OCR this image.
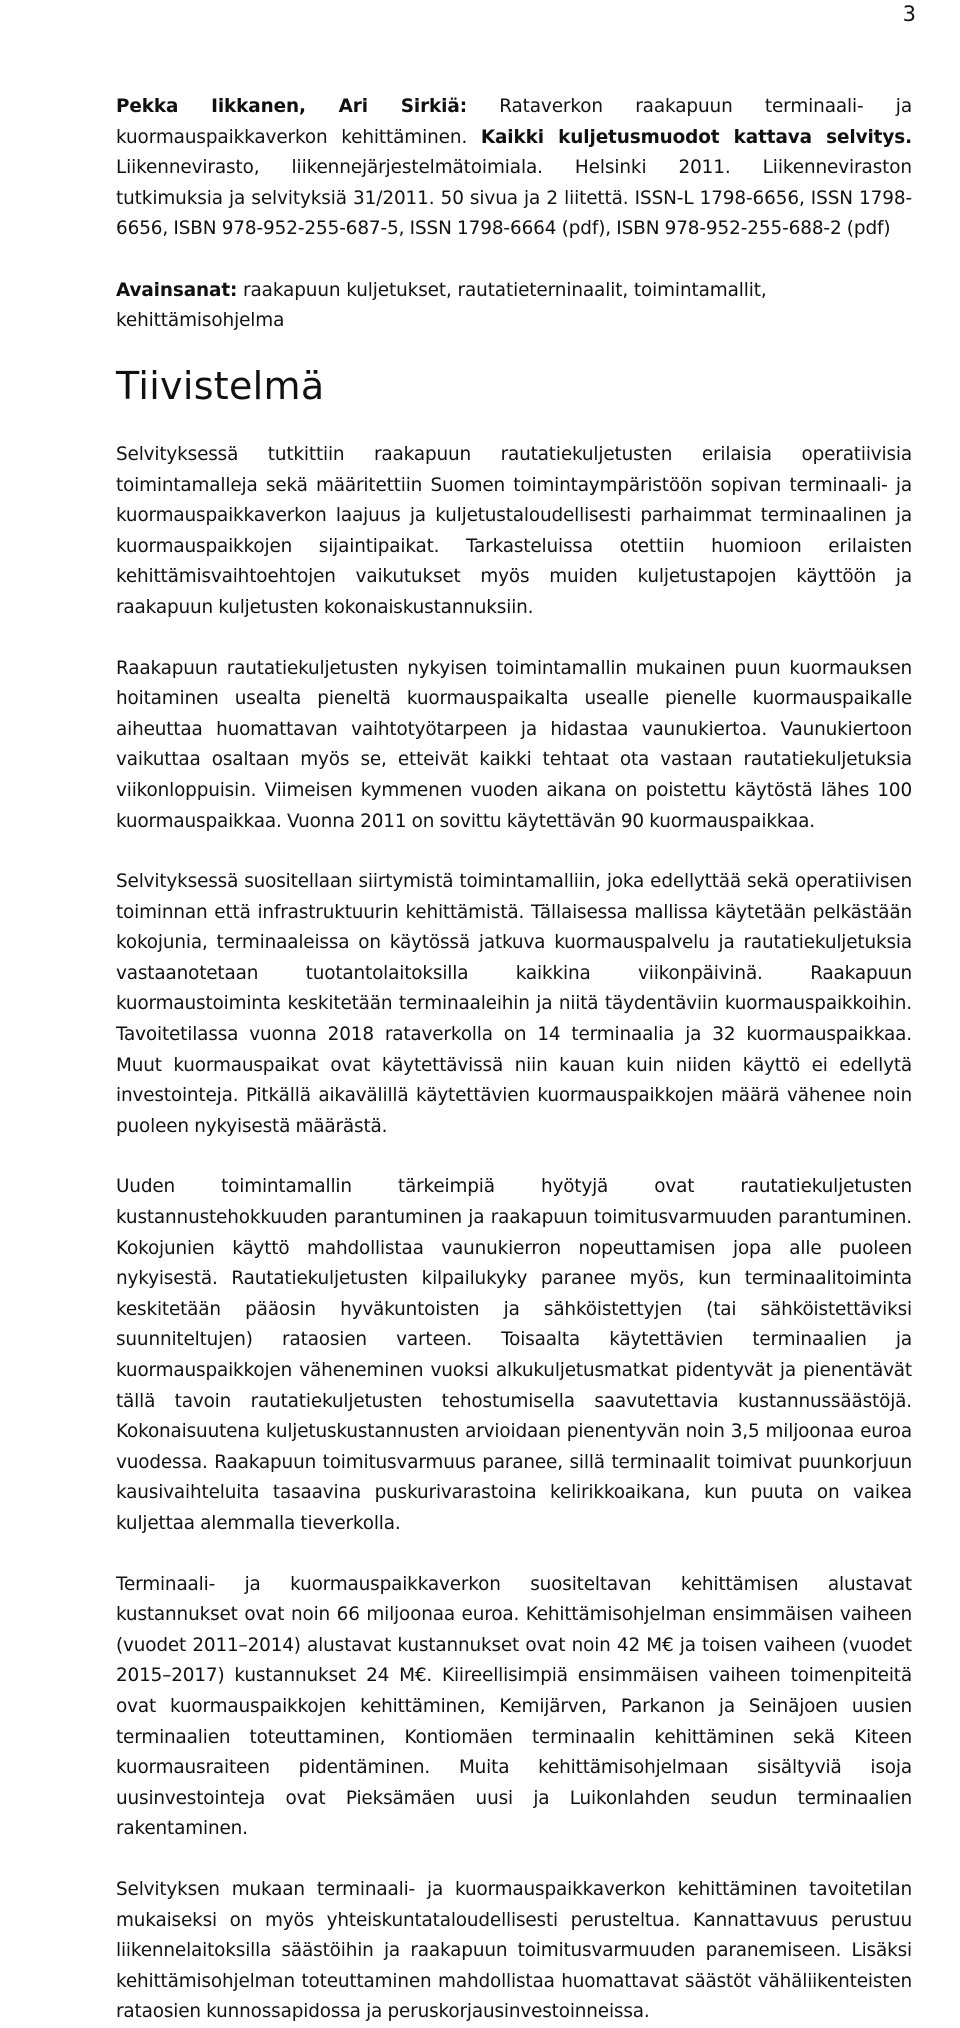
3

Pekka Iikkanen, Ari Sirkiä: Rataverkon raakapuun terminaali- ja kuormauspaikkaverkon kehittäminen. Kaikki kuljetusmuodot kattava selvitys. Liikennevirasto, liikennejärjestelmätoimiala. Helsinki 2011. Liikenneviraston tutkimuksia ja selvityksiä 31/2011. 50 sivua ja 2 liitettä. ISSN-L 1798-6656, ISSN 1798-6656, ISBN 978-952-255-687-5, ISSN 1798-6664 (pdf), ISBN 978-952-255-688-2 (pdf)

Avainsanat: raakapuun kuljetukset, rautatieterninaalit, toimintamallit, kehittämisohjelma

Tiivistelmä

Selvityksessä tutkittiin raakapuun rautatiekuljetusten erilaisia operatiivisia toimintamalleja sekä määritettiin Suomen toimintaympäristöön sopivan terminaali- ja kuormauspaikkaverkon laajuus ja kuljetustaloudellisesti parhaimmat terminaalinen ja kuormauspaikkojen sijaintipaikat. Tarkasteluissa otettiin huomioon erilaisten kehittämisvaihtoehtojen vaikutukset myös muiden kuljetustapojen käyttöön ja raakapuun kuljetusten kokonaiskustannuksiin.

Raakapuun rautatiekuljetusten nykyisen toimintamallin mukainen puun kuormauksen hoitaminen usealta pieneltä kuormauspaikalta usealle pienelle kuormauspaikalle aiheuttaa huomattavan vaihtotyötarpeen ja hidastaa vaunukiertoa. Vaunukiertoon vaikuttaa osaltaan myös se, etteivät kaikki tehtaat ota vastaan rautatiekuljetuksia viikonloppuisin. Viimeisen kymmenen vuoden aikana on poistettu käytöstä lähes 100 kuormauspaikkaa. Vuonna 2011 on sovittu käytettävän 90 kuormauspaikkaa.

Selvityksessä suositellaan siirtymistä toimintamalliin, joka edellyttää sekä operatiivisen toiminnan että infrastruktuurin kehittämistä. Tällaisessa mallissa käytetään pelkästään kokojunia, terminaaleissa on käytössä jatkuva kuormauspalvelu ja rautatiekuljetuksia vastaanotetaan tuotantolaitoksilla kaikkina viikonpäivinä. Raakapuun kuormaustoiminta keskitetään terminaaleihin ja niitä täydentäviin kuormauspaikkoihin. Tavoitetilassa vuonna 2018 rataverkolla on 14 terminaalia ja 32 kuormauspaikkaa. Muut kuormauspaikat ovat käytettävissä niin kauan kuin niiden käyttö ei edellytä investointeja. Pitkällä aikavälillä käytettävien kuormauspaikkojen määrä vähenee noin puoleen nykyisestä määrästä.

Uuden toimintamallin tärkeimpiä hyötyjä ovat rautatiekuljetusten kustannustehokkuuden parantuminen ja raakapuun toimitusvarmuuden parantuminen. Kokojunien käyttö mahdollistaa vaunukierron nopeuttamisen jopa alle puoleen nykyisestä. Rautatiekuljetusten kilpailukyky paranee myös, kun terminaalitoiminta keskitetään pääosin hyväkuntoisten ja sähköistettyjen (tai sähköistettäviksi suunniteltujen) rataosien varteen. Toisaalta käytettävien terminaalien ja kuormauspaikkojen väheneminen vuoksi alkukuljetusmatkat pidentyvät ja pienentävät tällä tavoin rautatiekuljetusten tehostumisella saavutettavia kustannussäästöjä. Kokonaisuutena kuljetuskustannusten arvioidaan pienentyvän noin 3,5 miljoonaa euroa vuodessa. Raakapuun toimitusvarmuus paranee, sillä terminaalit toimivat puunkorjuun kausivaihteluita tasaavina puskurivarastoina kelirikkoaikana, kun puuta on vaikea kuljettaa alemmalla tieverkolla.

Terminaali- ja kuormauspaikkaverkon suositeltavan kehittämisen alustavat kustannukset ovat noin 66 miljoonaa euroa. Kehittämisohjelman ensimmäisen vaiheen (vuodet 2011–2014) alustavat kustannukset ovat noin 42 M€ ja toisen vaiheen (vuodet 2015–2017) kustannukset 24 M€. Kiireellisimpiä ensimmäisen vaiheen toimenpiteitä ovat kuormauspaikkojen kehittäminen, Kemijärven, Parkanon ja Seinäjoen uusien terminaalien toteuttaminen, Kontiomäen terminaalin kehittäminen sekä Kiteen kuormausraiteen pidentäminen. Muita kehittämisohjelmaan sisältyviä isoja uusinvestointeja ovat Pieksämäen uusi ja Luikonlahden seudun terminaalien rakentaminen.

Selvityksen mukaan terminaali- ja kuormauspaikkaverkon kehittäminen tavoitetilan mukaiseksi on myös yhteiskuntataloudellisesti perusteltua. Kannattavuus perustuu liikennelaitoksilla säästöihin ja raakapuun toimitusvarmuuden paranemiseen. Lisäksi kehittämisohjelman toteuttaminen mahdollistaa huomattavat säästöt vähäliikenteisten rataosien kunnossapidossa ja peruskorjausinvestoinneissa.
